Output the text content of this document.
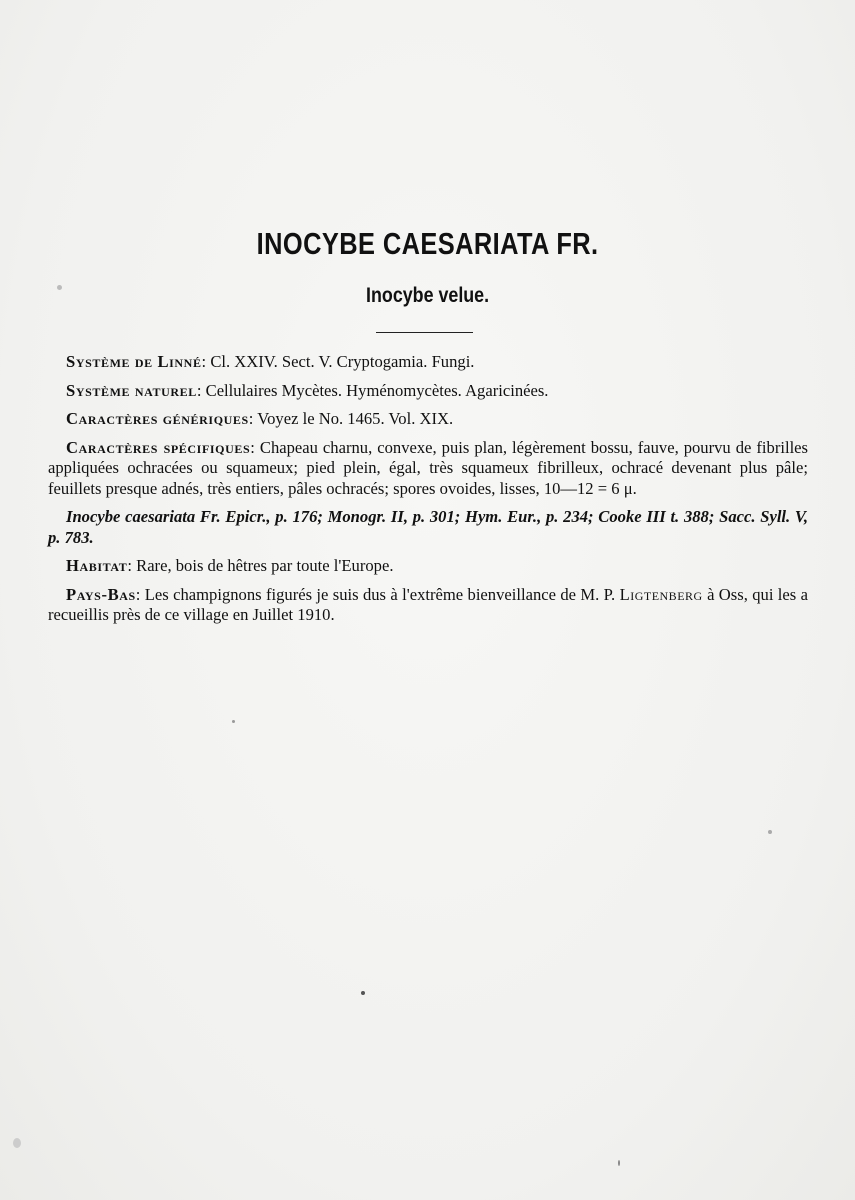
INOCYBE CAESARIATA FR.
Inocybe velue.

Système de Linné: Cl. XXIV. Sect. V. Cryptogamia. Fungi.

Système naturel: Cellulaires Mycètes. Hyménomycètes. Agaricinées.

Caractères génériques: Voyez le No. 1465. Vol. XIX.

Caractères spécifiques: Chapeau charnu, convexe, puis plan, légèrement bossu, fauve, pourvu de fibrilles appliquées ochracées ou squameux; pied plein, égal, très squameux fibrilleux, ochracé devenant plus pâle; feuillets presque adnés, très entiers, pâles ochracés; spores ovoides, lisses, 10—12 = 6 μ.

Inocybe caesariata Fr. Epicr., p. 176; Monogr. II, p. 301; Hym. Eur., p. 234; Cooke III t. 388; Sacc. Syll. V, p. 783.

Habitat: Rare, bois de hêtres par toute l'Europe.

Pays-Bas: Les champignons figurés je suis dus à l'extrême bienveillance de M. P. Ligtenberg à Oss, qui les a recueillis près de ce village en Juillet 1910.
